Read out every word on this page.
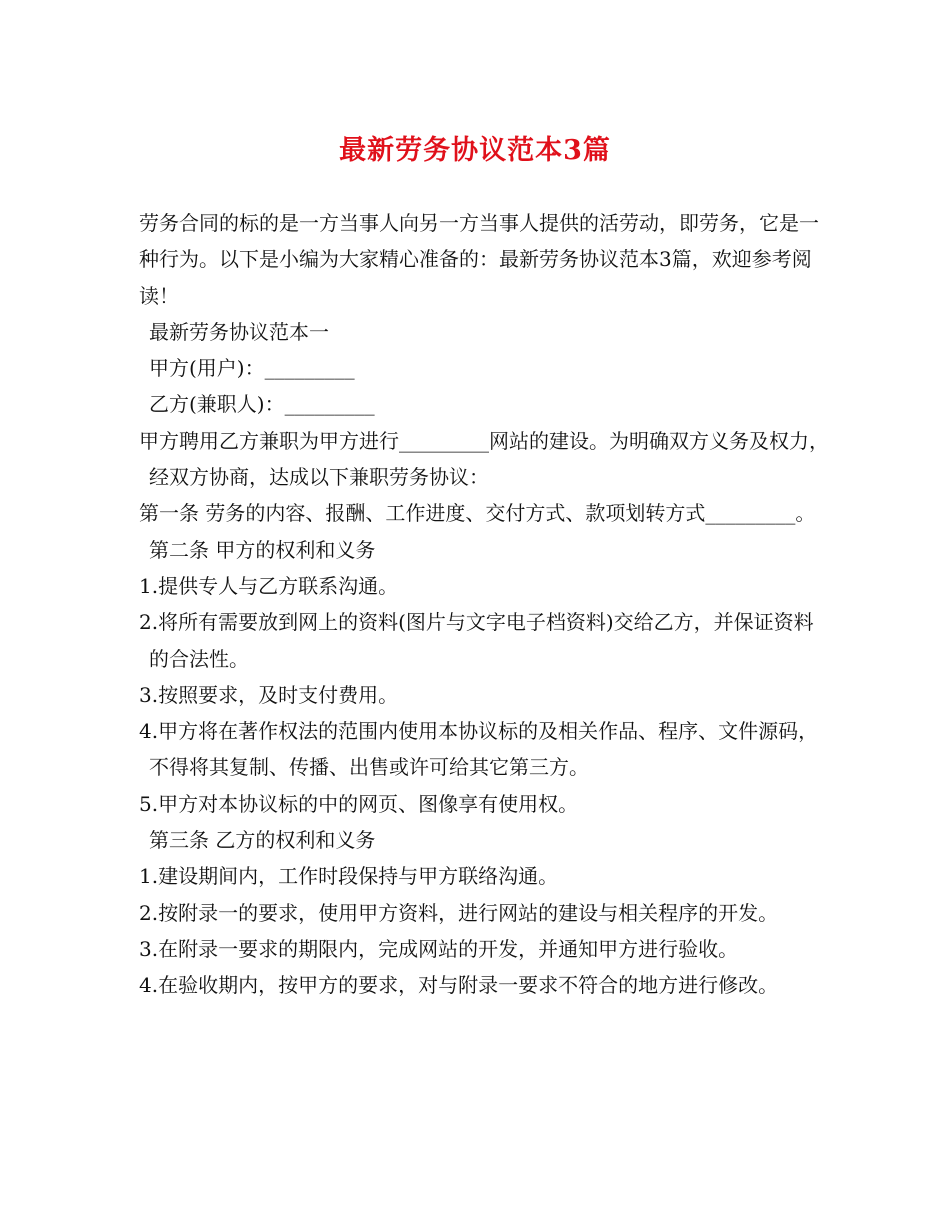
最新劳务协议范本3篇

劳务合同的标的是一方当事人向另一方当事人提供的活劳动，即劳务，它是一种行为。以下是小编为大家精心准备的：最新劳务协议范本3篇，欢迎参考阅读！

最新劳务协议范本一

甲方(用户)：_________

乙方(兼职人)：_________

甲方聘用乙方兼职为甲方进行_________网站的建设。为明确双方义务及权力，经双方协商，达成以下兼职劳务协议：

第一条 劳务的内容、报酬、工作进度、交付方式、款项划转方式_________。

第二条 甲方的权利和义务

1.提供专人与乙方联系沟通。

2.将所有需要放到网上的资料(图片与文字电子档资料)交给乙方，并保证资料的合法性。

3.按照要求，及时支付费用。

4.甲方将在著作权法的范围内使用本协议标的及相关作品、程序、文件源码，不得将其复制、传播、出售或许可给其它第三方。

5.甲方对本协议标的中的网页、图像享有使用权。

第三条 乙方的权利和义务

1.建设期间内，工作时段保持与甲方联络沟通。

2.按附录一的要求，使用甲方资料，进行网站的建设与相关程序的开发。

3.在附录一要求的期限内，完成网站的开发，并通知甲方进行验收。

4.在验收期内，按甲方的要求，对与附录一要求不符合的地方进行修改。
